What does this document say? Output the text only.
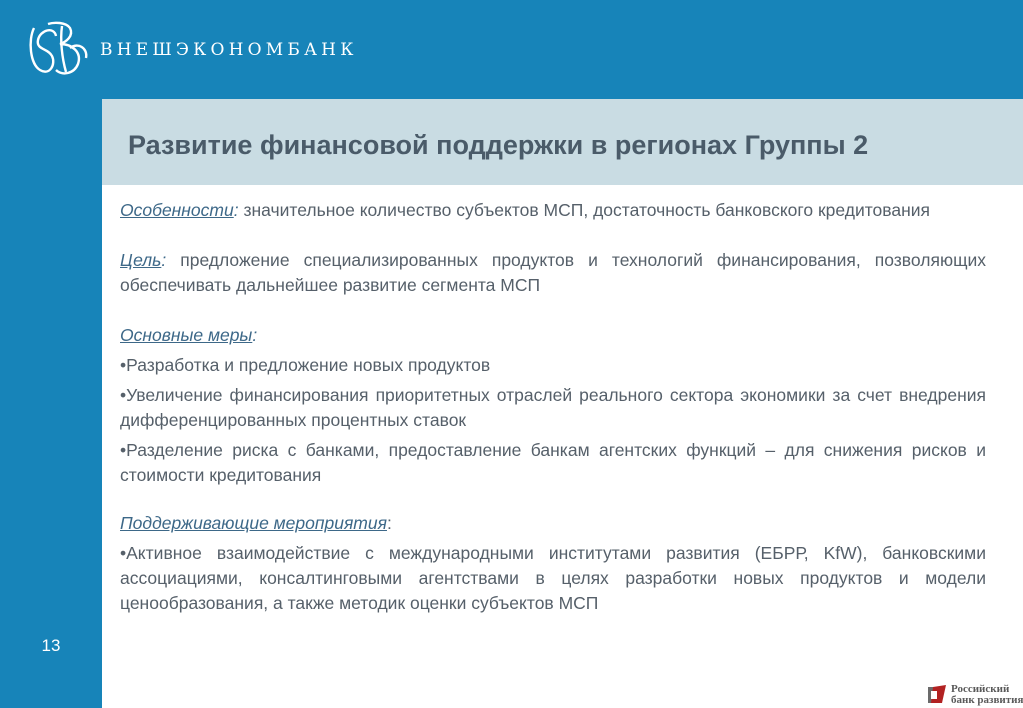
ВНЕШЭКОНОМБАНК
13
Развитие финансовой поддержки в регионах Группы 2

Особенности: значительное количество субъектов МСП, достаточность банковского кредитования

Цель: предложение специализированных продуктов и технологий финансирования, позволяющих обеспечивать дальнейшее развитие сегмента МСП

Основные меры:

•Разработка и предложение новых продуктов

•Увеличение финансирования приоритетных отраслей реального сектора экономики за счет внедрения дифференцированных процентных ставок

•Разделение риска с банками, предоставление банкам агентских функций – для снижения рисков и стоимости кредитования

Поддерживающие мероприятия:

•Активное взаимодействие с международными институтами развития (ЕБРР, KfW), банковскими ассоциациями, консалтинговыми агентствами в целях разработки новых продуктов и модели ценообразования, а также методик оценки субъектов МСП

Российский
банк развития
